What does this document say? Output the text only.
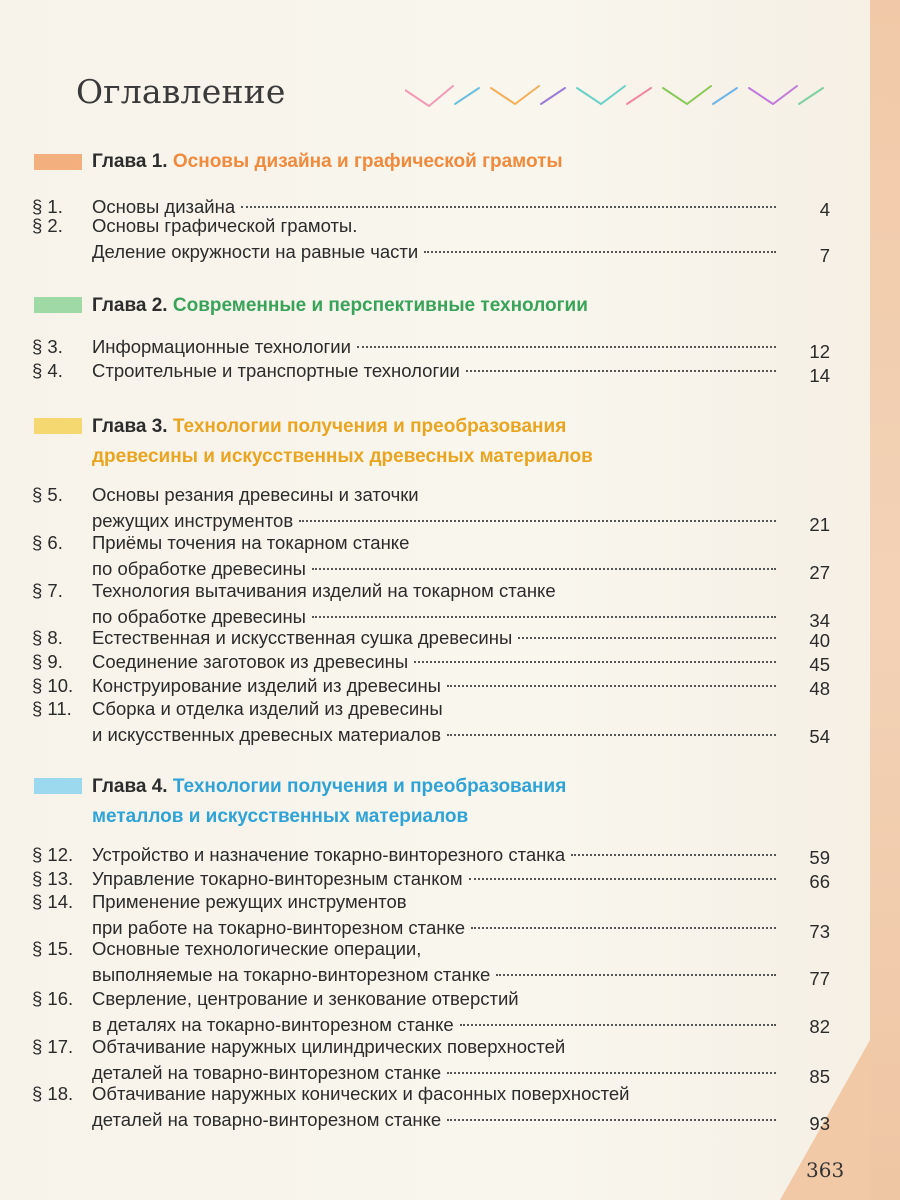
Оглавление
Глава 1. Основы дизайна и графической грамоты
§ 1. Основы дизайна	4
§ 2. Основы графической грамоты.
Деление окружности на равные части	7
Глава 2. Современные и перспективные технологии
§ 3. Информационные технологии	12
§ 4. Строительные и транспортные технологии	14
Глава 3. Технологии получения и преобразования
древесины и искусственных древесных материалов
§ 5. Основы резания древесины и заточки
режущих инструментов	21
§ 6. Приёмы точения на токарном станке
по обработке древесины	27
§ 7. Технология вытачивания изделий на токарном станке
по обработке древесины	34
§ 8. Естественная и искусственная сушка древесины	40
§ 9. Соединение заготовок из древесины	45
§ 10. Конструирование изделий из древесины	48
§ 11. Сборка и отделка изделий из древесины
и искусственных древесных материалов	54
Глава 4. Технологии получения и преобразования
металлов и искусственных материалов
§ 12. Устройство и назначение токарно-винторезного станка	59
§ 13. Управление токарно-винторезным станком	66
§ 14. Применение режущих инструментов
при работе на токарно-винторезном станке	73
§ 15. Основные технологические операции,
выполняемые на токарно-винторезном станке	77
§ 16. Сверление, центрование и зенкование отверстий
в деталях на токарно-винторезном станке	82
§ 17. Обтачивание наружных цилиндрических поверхностей
деталей на товарно-винторезном станке	85
§ 18. Обтачивание наружных конических и фасонных поверхностей
деталей на товарно-винторезном станке	93
363
